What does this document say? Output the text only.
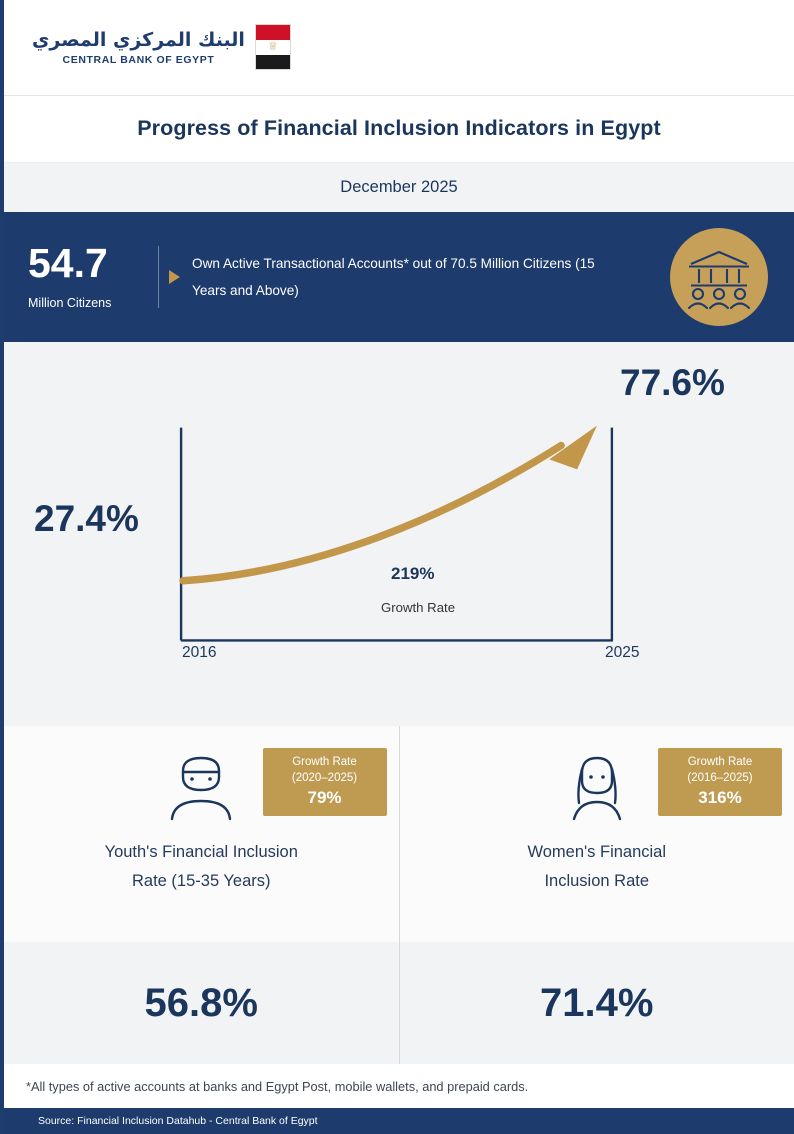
البنك المركزي المصري
CENTRAL BANK OF EGYPT
♕
Progress of Financial Inclusion Indicators in Egypt
December 2025
54.7
Million Citizens
Own Active Transactional Accounts* out of 70.5 Million Citizens (15 Years and Above)
27.4%
77.6%
219%
Growth Rate
2016	2025
Youth's Financial Inclusion
Rate (15-35 Years)
Growth Rate
(2020–2025)
79%
Women's Financial
Inclusion Rate
Growth Rate
(2016–2025)
316%
56.8%	71.4%
*All types of active accounts at banks and Egypt Post, mobile wallets, and prepaid cards.
Source: Financial Inclusion Datahub - Central Bank of Egypt
